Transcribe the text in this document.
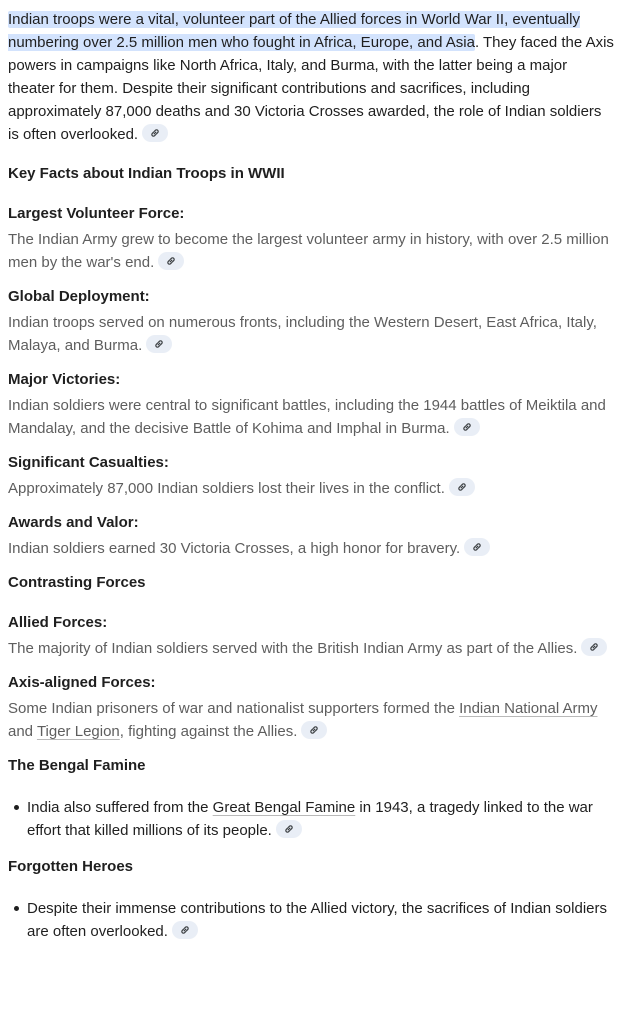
Indian troops were a vital, volunteer part of the Allied forces in World War II, eventually numbering over 2.5 million men who fought in Africa, Europe, and Asia. They faced the Axis powers in campaigns like North Africa, Italy, and Burma, with the latter being a major theater for them. Despite their significant contributions and sacrifices, including approximately 87,000 deaths and 30 Victoria Crosses awarded, the role of Indian soldiers is often overlooked.

Key Facts about Indian Troops in WWII
Largest Volunteer Force:

The Indian Army grew to become the largest volunteer army in history, with over 2.5 million men by the war's end.

Global Deployment:

Indian troops served on numerous fronts, including the Western Desert, East Africa, Italy, Malaya, and Burma.

Major Victories:

Indian soldiers were central to significant battles, including the 1944 battles of Meiktila and Mandalay, and the decisive Battle of Kohima and Imphal in Burma.

Significant Casualties:

Approximately 87,000 Indian soldiers lost their lives in the conflict.

Awards and Valor:

Indian soldiers earned 30 Victoria Crosses, a high honor for bravery.

Contrasting Forces
Allied Forces:

The majority of Indian soldiers served with the British Indian Army as part of the Allies.

Axis-aligned Forces:

Some Indian prisoners of war and nationalist supporters formed the Indian National Army and Tiger Legion, fighting against the Allies.

The Bengal Famine
India also suffered from the Great Bengal Famine in 1943, a tragedy linked to the war effort that killed millions of its people.
Forgotten Heroes
Despite their immense contributions to the Allied victory, the sacrifices of Indian soldiers are often overlooked.
